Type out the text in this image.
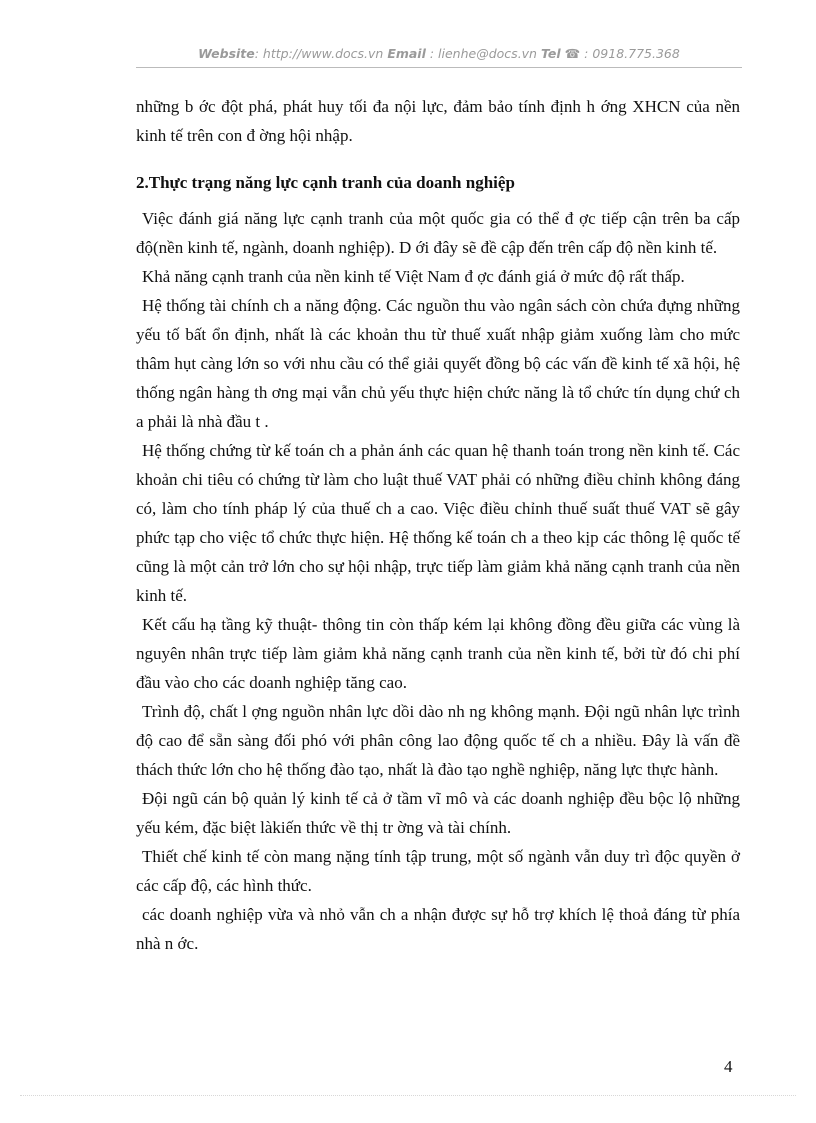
Website: http://www.docs.vn Email : lienhe@docs.vn Tel ☎ : 0918.775.368

những b ớc đột phá, phát huy tối đa nội lực, đảm bảo tính định h ớng XHCN của nền kinh tế trên con đ ờng hội nhập.

2.Thực trạng năng lực cạnh tranh của doanh nghiệp

Việc đánh giá năng lực cạnh tranh của một quốc gia có thể đ ợc tiếp cận trên ba cấp độ(nền kinh tế, ngành, doanh nghiệp). D ới đây sẽ đề cập đến trên cấp độ nền kinh tế.

Khả năng cạnh tranh của nền kinh tế Việt Nam đ ợc đánh giá ở mức độ rất thấp.

Hệ thống tài chính ch a năng động. Các nguồn thu vào ngân sách còn chứa đựng những yếu tố bất ổn định, nhất là các khoản thu từ thuế xuất nhập giảm xuống làm cho mức thâm hụt càng lớn so với nhu cầu có thể giải quyết đồng bộ các vấn đề kinh tế xã hội, hệ thống ngân hàng th ơng mại vẫn chủ yếu thực hiện chức năng là tổ chức tín dụng chứ ch a phải là nhà đầu t .

Hệ thống chứng từ kế toán ch a phản ánh các quan hệ thanh toán trong nền kinh tế. Các khoản chi tiêu có chứng từ làm cho luật thuế VAT phải có những điều chỉnh không đáng có, làm cho tính pháp lý của thuế ch a cao. Việc điều chỉnh thuế suất thuế VAT sẽ gây phức tạp cho việc tổ chức thực hiện. Hệ thống kế toán ch a theo kịp các thông lệ quốc tế cũng là một cản trở lớn cho sự hội nhập, trực tiếp làm giảm khả năng cạnh tranh của nền kinh tế.

Kết cấu hạ tầng kỹ thuật- thông tin còn thấp kém lại không đồng đều giữa các vùng là nguyên nhân trực tiếp làm giảm khả năng cạnh tranh của nền kinh tế, bởi từ đó chi phí đầu vào cho các doanh nghiệp tăng cao.

Trình độ, chất l ợng nguồn nhân lực dồi dào nh ng không mạnh. Đội ngũ nhân lực trình độ cao để sẵn sàng đối phó với phân công lao động quốc tế ch a nhiều. Đây là vấn đề thách thức lớn cho hệ thống đào tạo, nhất là đào tạo nghề nghiệp, năng lực thực hành.

Đội ngũ cán bộ quản lý kinh tế cả ở tầm vĩ mô và các doanh nghiệp đều bộc lộ những yếu kém, đặc biệt làkiến thức về thị tr ờng và tài chính.

Thiết chế kinh tế còn mang nặng tính tập trung, một số ngành vẫn duy trì độc quyền ở các cấp độ, các hình thức.

các doanh nghiệp vừa và nhỏ vẫn ch a nhận được sự hỗ trợ khích lệ thoả đáng từ phía nhà n ớc.

4
